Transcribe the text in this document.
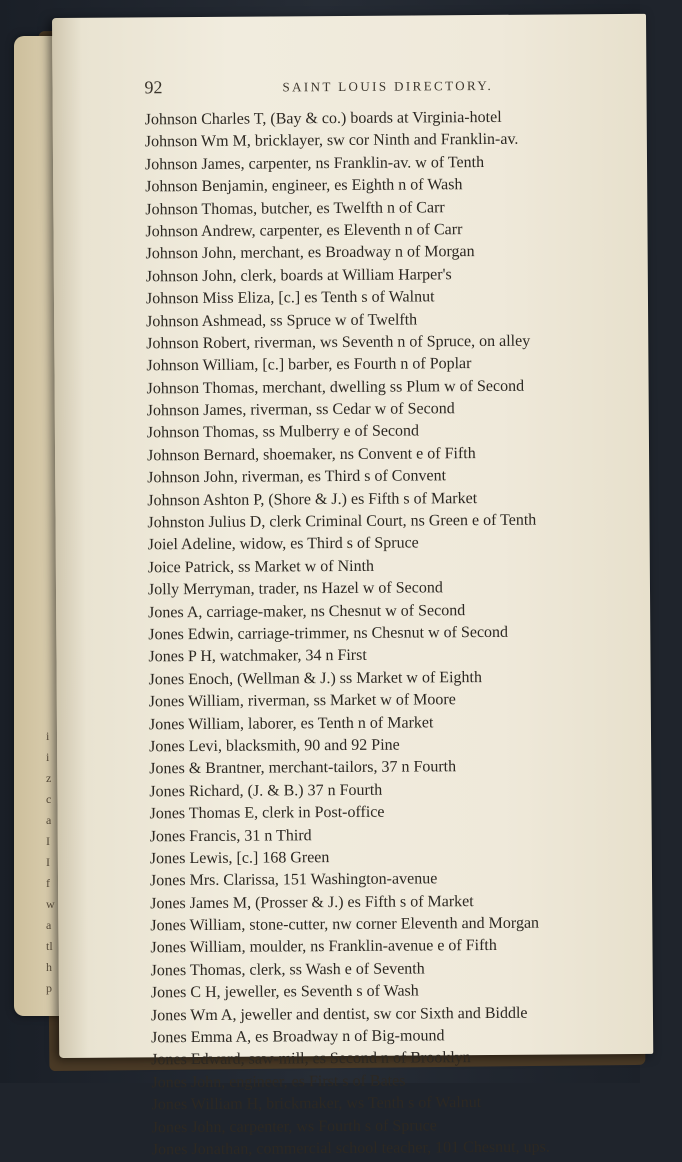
i
i
z
c
a
I
I
f
w
a
tl
h
p
92	SAINT LOUIS DIRECTORY.
Johnson Charles T, (Bay & co.) boards at Virginia-hotel
Johnson Wm M, bricklayer, sw cor Ninth and Franklin-av.
Johnson James, carpenter, ns Franklin-av. w of Tenth
Johnson Benjamin, engineer, es Eighth n of Wash
Johnson Thomas, butcher, es Twelfth n of Carr
Johnson Andrew, carpenter, es Eleventh n of Carr
Johnson John, merchant, es Broadway n of Morgan
Johnson John, clerk, boards at William Harper's
Johnson Miss Eliza, [c.] es Tenth s of Walnut
Johnson Ashmead, ss Spruce w of Twelfth
Johnson Robert, riverman, ws Seventh n of Spruce, on alley
Johnson William, [c.] barber, es Fourth n of Poplar
Johnson Thomas, merchant, dwelling ss Plum w of Second
Johnson James, riverman, ss Cedar w of Second
Johnson Thomas, ss Mulberry e of Second
Johnson Bernard, shoemaker, ns Convent e of Fifth
Johnson John, riverman, es Third s of Convent
Johnson Ashton P, (Shore & J.) es Fifth s of Market
Johnston Julius D, clerk Criminal Court, ns Green e of Tenth
Joiel Adeline, widow, es Third s of Spruce
Joice Patrick, ss Market w of Ninth
Jolly Merryman, trader, ns Hazel w of Second
Jones A, carriage-maker, ns Chesnut w of Second
Jones Edwin, carriage-trimmer, ns Chesnut w of Second
Jones P H, watchmaker, 34 n First
Jones Enoch, (Wellman & J.) ss Market w of Eighth
Jones William, riverman, ss Market w of Moore
Jones William, laborer, es Tenth n of Market
Jones Levi, blacksmith, 90 and 92 Pine
Jones & Brantner, merchant-tailors, 37 n Fourth
Jones Richard, (J. & B.) 37 n Fourth
Jones Thomas E, clerk in Post-office
Jones Francis, 31 n Third
Jones Lewis, [c.] 168 Green
Jones Mrs. Clarissa, 151 Washington-avenue
Jones James M, (Prosser & J.) es Fifth s of Market
Jones William, stone-cutter, nw corner Eleventh and Morgan
Jones William, moulder, ns Franklin-avenue e of Fifth
Jones Thomas, clerk, ss Wash e of Seventh
Jones C H, jeweller, es Seventh s of Wash
Jones Wm A, jeweller and dentist, sw cor Sixth and Biddle
Jones Emma A, es Broadway n of Big-mound
Jones Edward, saw-mill, es Second n of Brooklyn
Jones John, engineer, es First s of Bates
Jones William H, brickmaker, ws Tenth s of Walnut
Jones John, carpenter, ws Fourth s of Spruce
Jones Jonathan, commercial school teacher, 101 Chesnut, ups.
